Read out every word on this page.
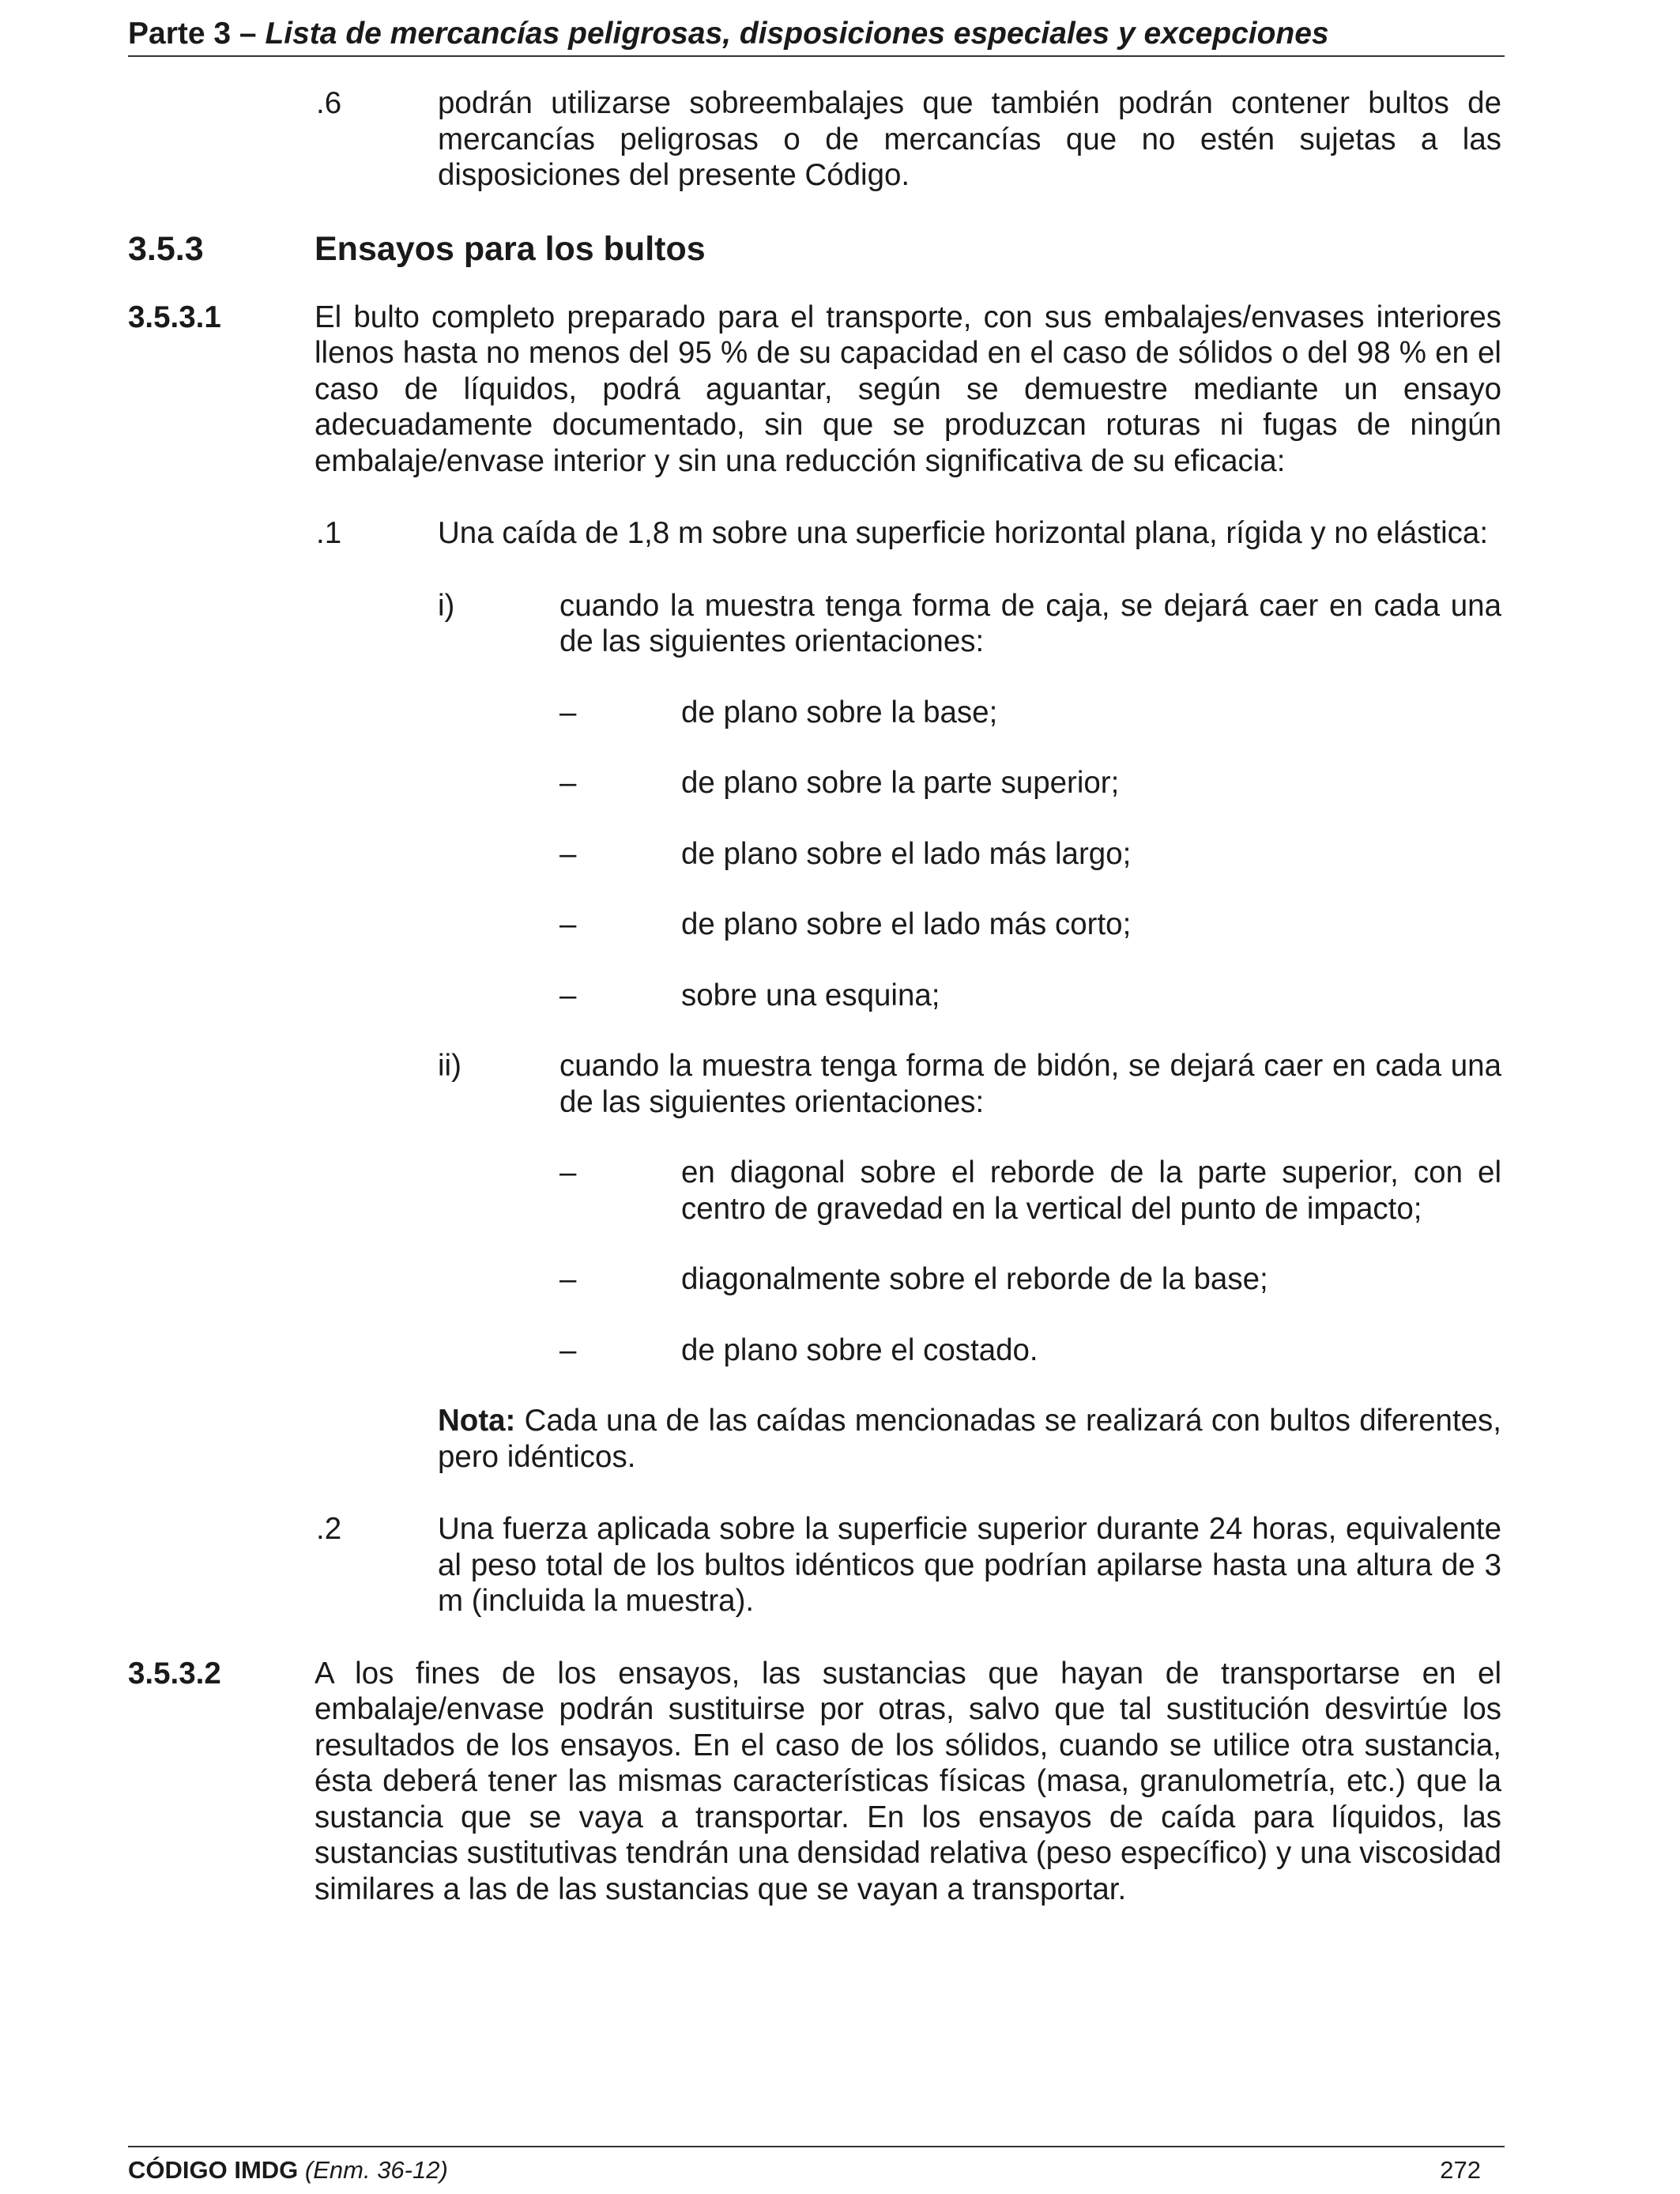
Parte 3 – Lista de mercancías peligrosas, disposiciones especiales y excepciones
.6	podrán utilizarse sobreembalajes que también podrán contener bultos de mercancías peligrosas o de mercancías que no estén sujetas a las disposiciones del presente Código.
3.5.3	Ensayos para los bultos
3.5.3.1	El bulto completo preparado para el transporte, con sus embalajes/envases interiores llenos hasta no menos del 95 % de su capacidad en el caso de sólidos o del 98 % en el caso de líquidos, podrá aguantar, según se demuestre mediante un ensayo adecuadamente documentado, sin que se produzcan roturas ni fugas de ningún embalaje/envase interior y sin una reducción significativa de su eficacia:
.1	Una caída de 1,8 m sobre una superficie horizontal plana, rígida y no elástica:
i)	cuando la muestra tenga forma de caja, se dejará caer en cada una de las siguientes orientaciones:
–	de plano sobre la base;
–	de plano sobre la parte superior;
–	de plano sobre el lado más largo;
–	de plano sobre el lado más corto;
–	sobre una esquina;
ii)	cuando la muestra tenga forma de bidón, se dejará caer en cada una de las siguientes orientaciones:
–	en diagonal sobre el reborde de la parte superior, con el centro de gravedad en la vertical del punto de impacto;
–	diagonalmente sobre el reborde de la base;
–	de plano sobre el costado.
Nota: Cada una de las caídas mencionadas se realizará con bultos diferentes, pero idénticos.
.2	Una fuerza aplicada sobre la superficie superior durante 24 horas, equivalente al peso total de los bultos idénticos que podrían apilarse hasta una altura de 3 m (incluida la muestra).
3.5.3.2	A los fines de los ensayos, las sustancias que hayan de transportarse en el embalaje/envase podrán sustituirse por otras, salvo que tal sustitución desvirtúe los resultados de los ensayos. En el caso de los sólidos, cuando se utilice otra sustancia, ésta deberá tener las mismas características físicas (masa, granulometría, etc.) que la sustancia que se vaya a transportar. En los ensayos de caída para líquidos, las sustancias sustitutivas tendrán una densidad relativa (peso específico) y una viscosidad similares a las de las sustancias que se vayan a transportar.
CÓDIGO IMDG (Enm. 36-12)	272
